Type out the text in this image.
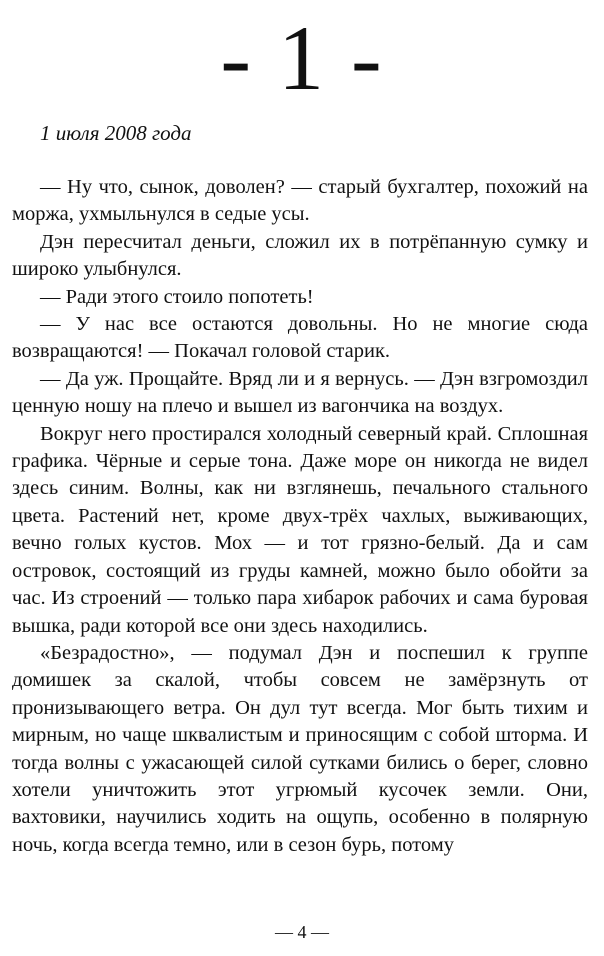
- 1 -
1 июля 2008 года

— Ну что, сынок, доволен? — старый бухгалтер, похожий на моржа, ухмыльнулся в седые усы.

Дэн пересчитал деньги, сложил их в потрёпанную сумку и широко улыбнулся.

— Ради этого стоило попотеть!

— У нас все остаются довольны. Но не многие сюда возвращаются! — Покачал головой старик.

— Да уж. Прощайте. Вряд ли и я вернусь. — Дэн взгромоздил ценную ношу на плечо и вышел из вагончика на воздух.

Вокруг него простирался холодный северный край. Сплошная графика. Чёрные и серые тона. Даже море он никогда не видел здесь синим. Волны, как ни взглянешь, печального стального цвета. Растений нет, кроме двух-трёх чахлых, выживающих, вечно голых кустов. Мох — и тот грязно-белый. Да и сам островок, состоящий из груды камней, можно было обойти за час. Из строений — только пара хибарок рабочих и сама буровая вышка, ради которой все они здесь находились.

«Безрадостно», — подумал Дэн и поспешил к группе домишек за скалой, чтобы совсем не замёрзнуть от пронизывающего ветра. Он дул тут всегда. Мог быть тихим и мирным, но чаще шквалистым и приносящим с собой шторма. И тогда волны с ужасающей силой сутками бились о берег, словно хотели уничтожить этот угрюмый кусочек земли. Они, вахтовики, научились ходить на ощупь, особенно в полярную ночь, когда всегда темно, или в сезон бурь, потому

— 4 —
